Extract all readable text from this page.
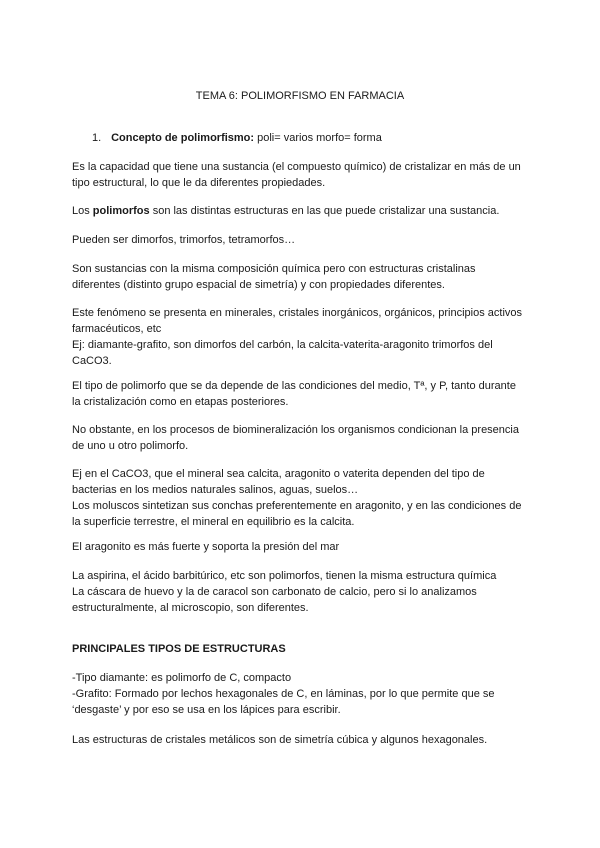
TEMA 6: POLIMORFISMO EN FARMACIA
1. Concepto de polimorfismo: poli= varios morfo= forma

Es la capacidad que tiene una sustancia (el compuesto químico) de cristalizar en más de un
tipo estructural, lo que le da diferentes propiedades.

Los polimorfos son las distintas estructuras en las que puede cristalizar una sustancia.

Pueden ser dimorfos, trimorfos, tetramorfos…

Son sustancias con la misma composición química pero con estructuras cristalinas
diferentes (distinto grupo espacial de simetría) y con propiedades diferentes.

Este fenómeno se presenta en minerales, cristales inorgánicos, orgánicos, principios activos
farmacéuticos, etc
Ej: diamante-grafito, son dimorfos del carbón, la calcita-vaterita-aragonito trimorfos del
CaCO3.

El tipo de polimorfo que se da depende de las condiciones del medio, Tª, y P, tanto durante
la cristalización como en etapas posteriores.

No obstante, en los procesos de biomineralización los organismos condicionan la presencia
de uno u otro polimorfo.

Ej en el CaCO3, que el mineral sea calcita, aragonito o vaterita dependen del tipo de
bacterias en los medios naturales salinos, aguas, suelos…
Los moluscos sintetizan sus conchas preferentemente en aragonito, y en las condiciones de
la superficie terrestre, el mineral en equilibrio es la calcita.

El aragonito es más fuerte y soporta la presión del mar

La aspirina, el ácido barbitúrico, etc son polimorfos, tienen la misma estructura química
La cáscara de huevo y la de caracol son carbonato de calcio, pero si lo analizamos
estructuralmente, al microscopio, son diferentes.

PRINCIPALES TIPOS DE ESTRUCTURAS

-Tipo diamante: es polimorfo de C, compacto
-Grafito: Formado por lechos hexagonales de C, en láminas, por lo que permite que se
‘desgaste’ y por eso se usa en los lápices para escribir.

Las estructuras de cristales metálicos son de simetría cúbica y algunos hexagonales.
